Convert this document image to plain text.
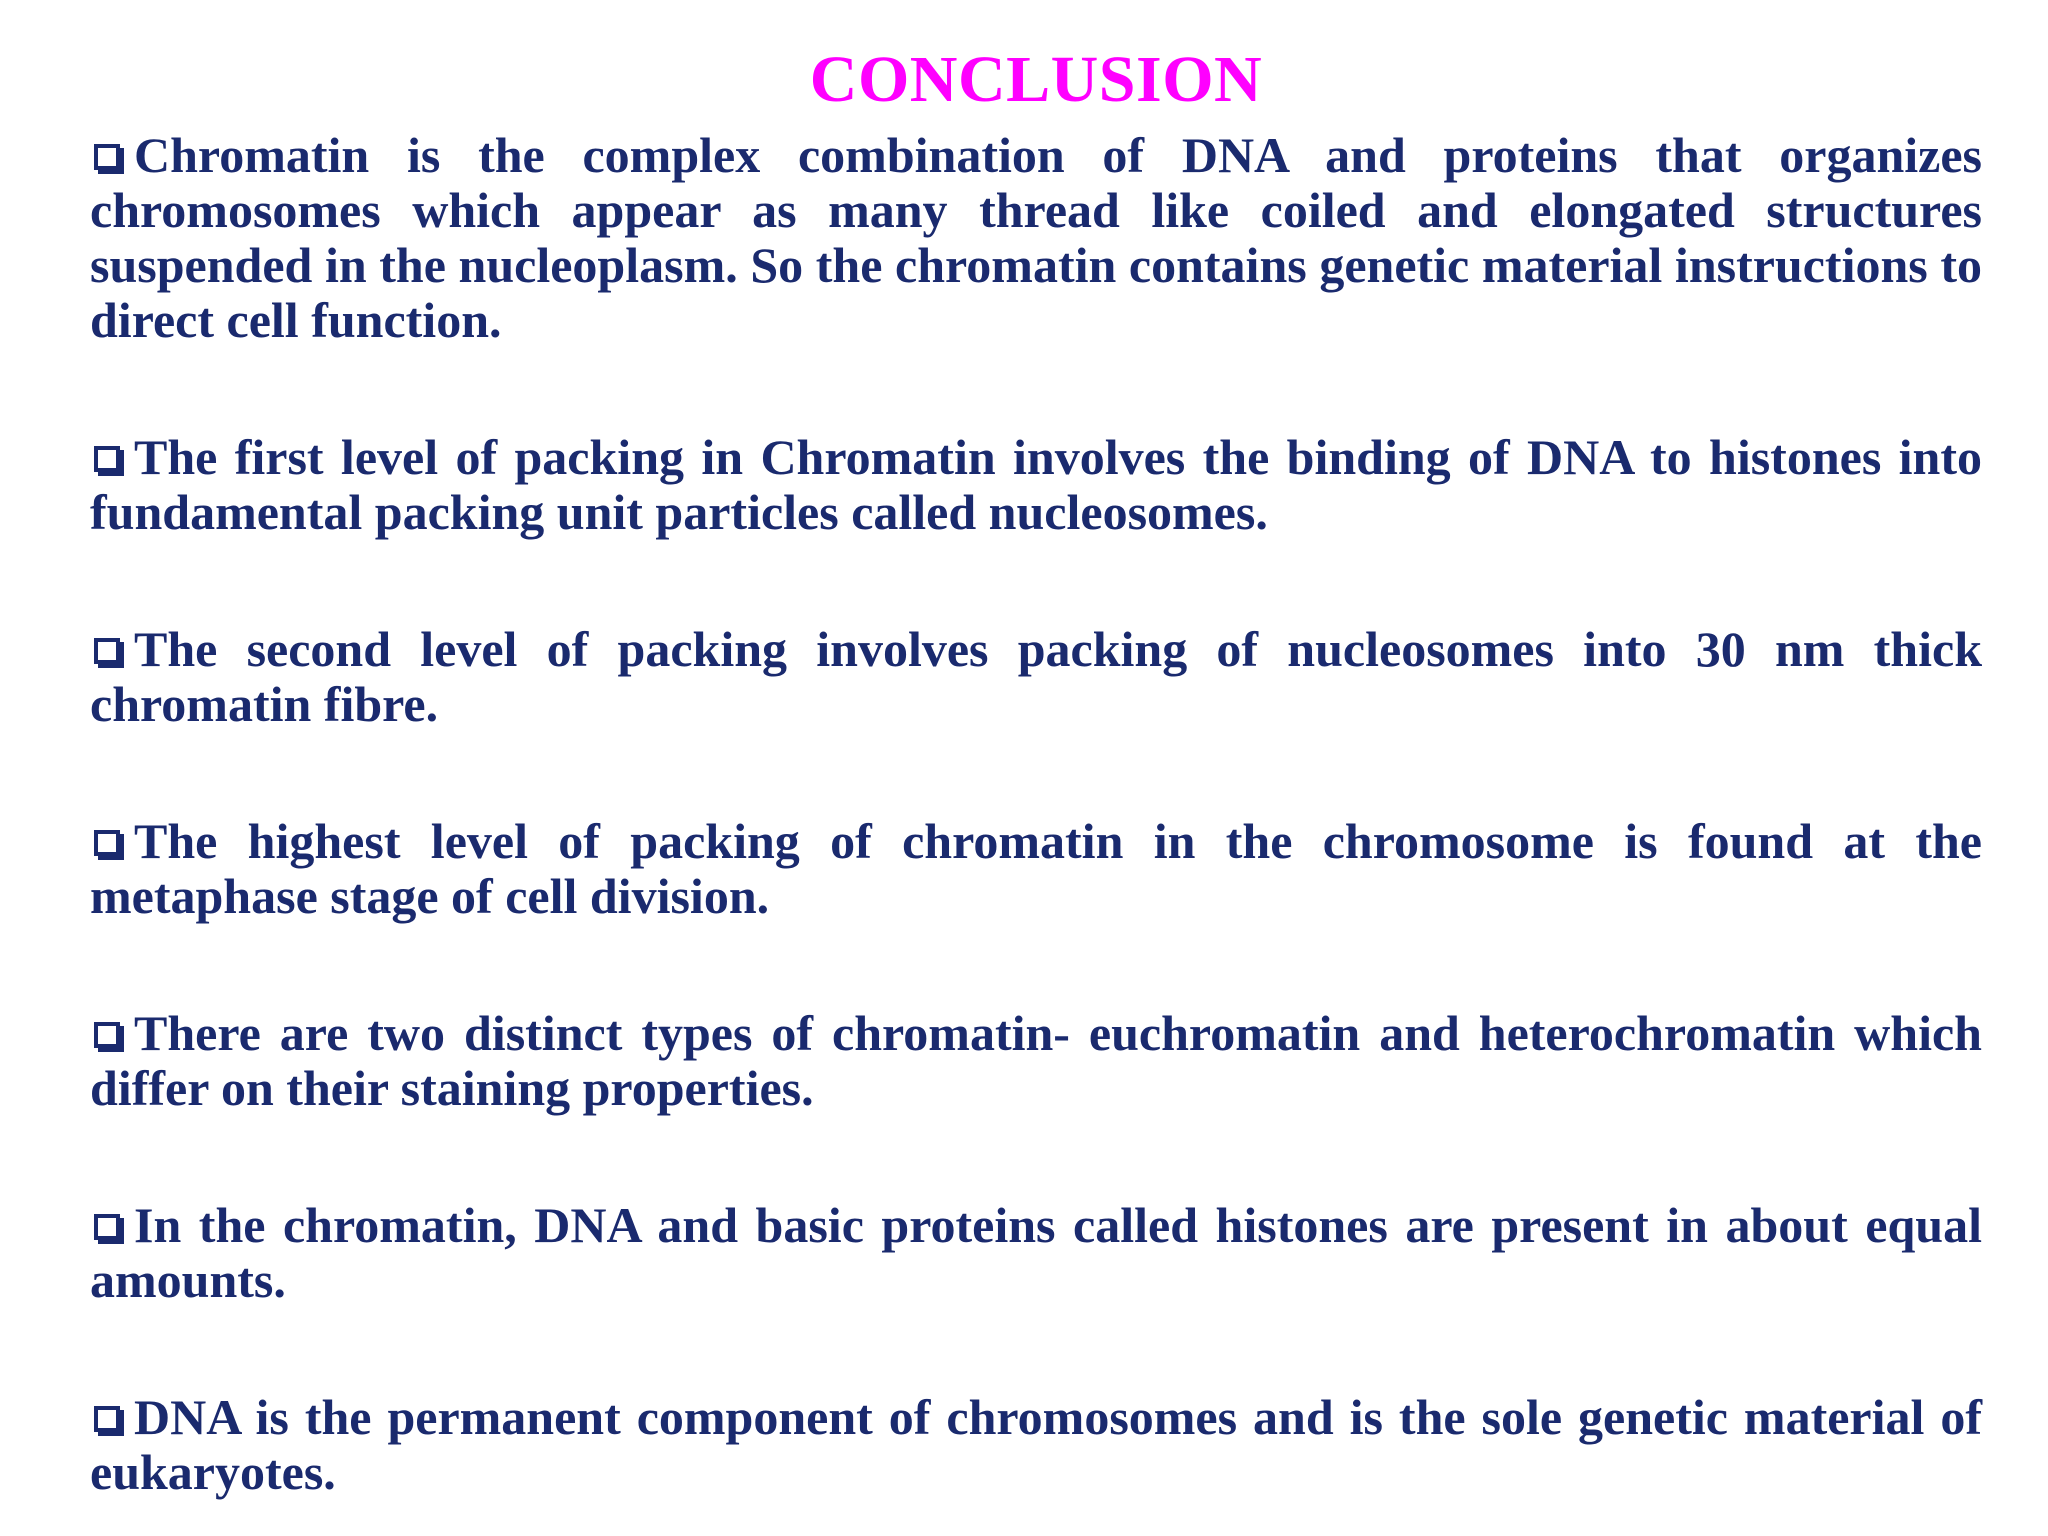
CONCLUSION
Chromatin is the complex combination of DNA and proteins that organizes chromosomes which appear as many thread like coiled and elongated structures suspended in the nucleoplasm. So the chromatin contains genetic material instructions to direct cell function.
The first level of packing in Chromatin involves the binding of DNA to histones into fundamental packing unit particles called nucleosomes.
The second level of packing involves packing of nucleosomes into 30 nm thick chromatin fibre.
The highest level of packing of chromatin in the chromosome is found at the metaphase stage of cell division.
There are two distinct types of chromatin- euchromatin and heterochromatin which differ on their staining properties.
In the chromatin, DNA and basic proteins called histones are present in about equal amounts.
DNA is the permanent component of chromosomes and is the sole genetic material of eukaryotes.
